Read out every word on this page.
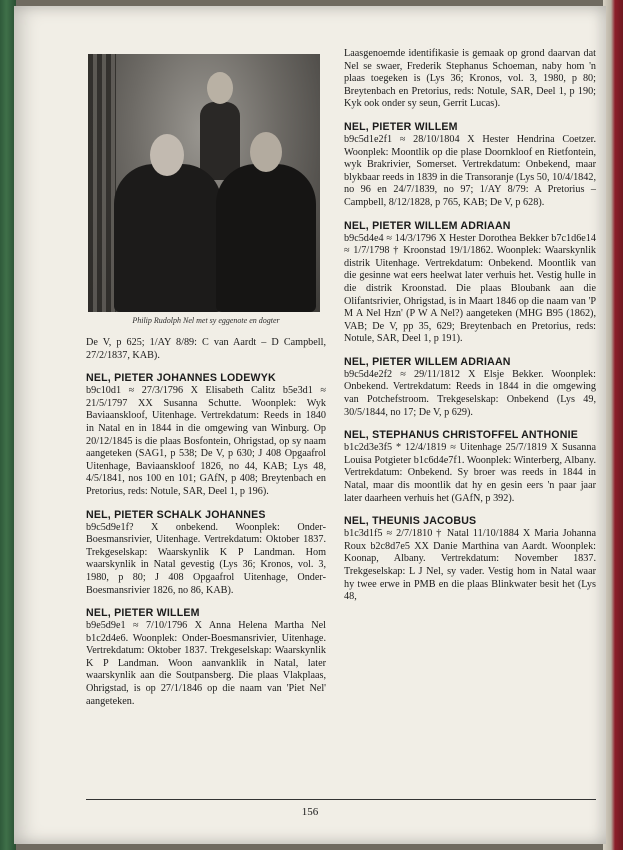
Philip Rudolph Nel met sy eggenote en dogter

De V, p 625; 1/AY 8/89: C van Aardt – D Campbell, 27/2/1837, KAB).

NEL, PIETER JOHANNES LODEWYK

b9c10d1 ≈ 27/3/1796 X Elisabeth Calitz b5e3d1 ≈ 21/5/1797 XX Susanna Schutte. Woonplek: Wyk Baviaanskloof, Uitenhage. Vertrekdatum: Reeds in 1840 in Natal en in 1844 in die omgewing van Winburg. Op 20/12/1845 is die plaas Bosfontein, Ohrigstad, op sy naam aangeteken (SAG1, p 538; De V, p 630; J 408 Opgaafrol Uitenhage, Baviaanskloof 1826, no 44, KAB; Lys 48, 4/5/1841, nos 100 en 101; GAfN, p 408; Breytenbach en Pretorius, reds: Notule, SAR, Deel 1, p 196).

NEL, PIETER SCHALK JOHANNES

b9c5d9e1f? X onbekend. Woonplek: Onder-Boesmansrivier, Uitenhage. Vertrekdatum: Oktober 1837. Trekgeselskap: Waarskynlik K P Landman. Hom waarskynlik in Natal gevestig (Lys 36; Kronos, vol. 3, 1980, p 80; J 408 Opgaafrol Uitenhage, Onder-Boesmansrivier 1826, no 86, KAB).

NEL, PIETER WILLEM

b9e5d9e1 ≈ 7/10/1796 X Anna Helena Martha Nel b1c2d4e6. Woonplek: Onder-Boesmansrivier, Uitenhage. Vertrekdatum: Oktober 1837. Trekgeselskap: Waarskynlik K P Landman. Woon aanvanklik in Natal, later waarskynlik aan die Soutpansberg. Die plaas Vlakplaas, Ohrigstad, is op 27/1/1846 op die naam van 'Piet Nel' aangeteken.

Laasgenoemde identifikasie is gemaak op grond daarvan dat Nel se swaer, Frederik Stephanus Schoeman, naby hom 'n plaas toegeken is (Lys 36; Kronos, vol. 3, 1980, p 80; Breytenbach en Pretorius, reds: Notule, SAR, Deel 1, p 190; Kyk ook onder sy seun, Gerrit Lucas).

NEL, PIETER WILLEM

b9c5d1e2f1 ≈ 28/10/1804 X Hester Hendrina Coetzer. Woonplek: Moontlik op die plase Doornkloof en Rietfontein, wyk Brakrivier, Somerset. Vertrekdatum: Onbekend, maar blykbaar reeds in 1839 in die Transoranje (Lys 50, 10/4/1842, no 96 en 24/7/1839, no 97; 1/AY 8/79: A Pretorius – Campbell, 8/12/1828, p 765, KAB; De V, p 628).

NEL, PIETER WILLEM ADRIAAN

b9c5d4e4 ≈ 14/3/1796 X Hester Dorothea Bekker b7c1d6e14 ≈ 1/7/1798 † Kroonstad 19/1/1862. Woonplek: Waarskynlik distrik Uitenhage. Vertrekdatum: Onbekend. Moontlik van die gesinne wat eers heelwat later verhuis het. Vestig hulle in die distrik Kroonstad. Die plaas Bloubank aan die Olifantsrivier, Ohrigstad, is in Maart 1846 op die naam van 'P M A Nel Hzn' (P W A Nel?) aangeteken (MHG B95 (1862), VAB; De V, pp 35, 629; Breytenbach en Pretorius, reds: Notule, SAR, Deel 1, p 191).

NEL, PIETER WILLEM ADRIAAN

b9c5d4e2f2 ≈ 29/11/1812 X Elsje Bekker. Woonplek: Onbekend. Vertrekdatum: Reeds in 1844 in die omgewing van Potchefstroom. Trekgeselskap: Onbekend (Lys 49, 30/5/1844, no 17; De V, p 629).

NEL, STEPHANUS CHRISTOFFEL ANTHONIE

b1c2d3e3f5 * 12/4/1819 ≈ Uitenhage 25/7/1819 X Susanna Louisa Potgieter b1c6d4e7f1. Woonplek: Winterberg, Albany. Vertrekdatum: Onbekend. Sy broer was reeds in 1844 in Natal, maar dis moontlik dat hy en gesin eers 'n paar jaar later daarheen verhuis het (GAfN, p 392).

NEL, THEUNIS JACOBUS

b1c3d1f5 ≈ 2/7/1810 † Natal 11/10/1884 X Maria Johanna Roux b2c8d7e5 XX Danie Marthina van Aardt. Woonplek: Koonap, Albany. Vertrekdatum: November 1837. Trekgeselskap: L J Nel, sy vader. Vestig hom in Natal waar hy twee erwe in PMB en die plaas Blinkwater besit het (Lys 48,

156
